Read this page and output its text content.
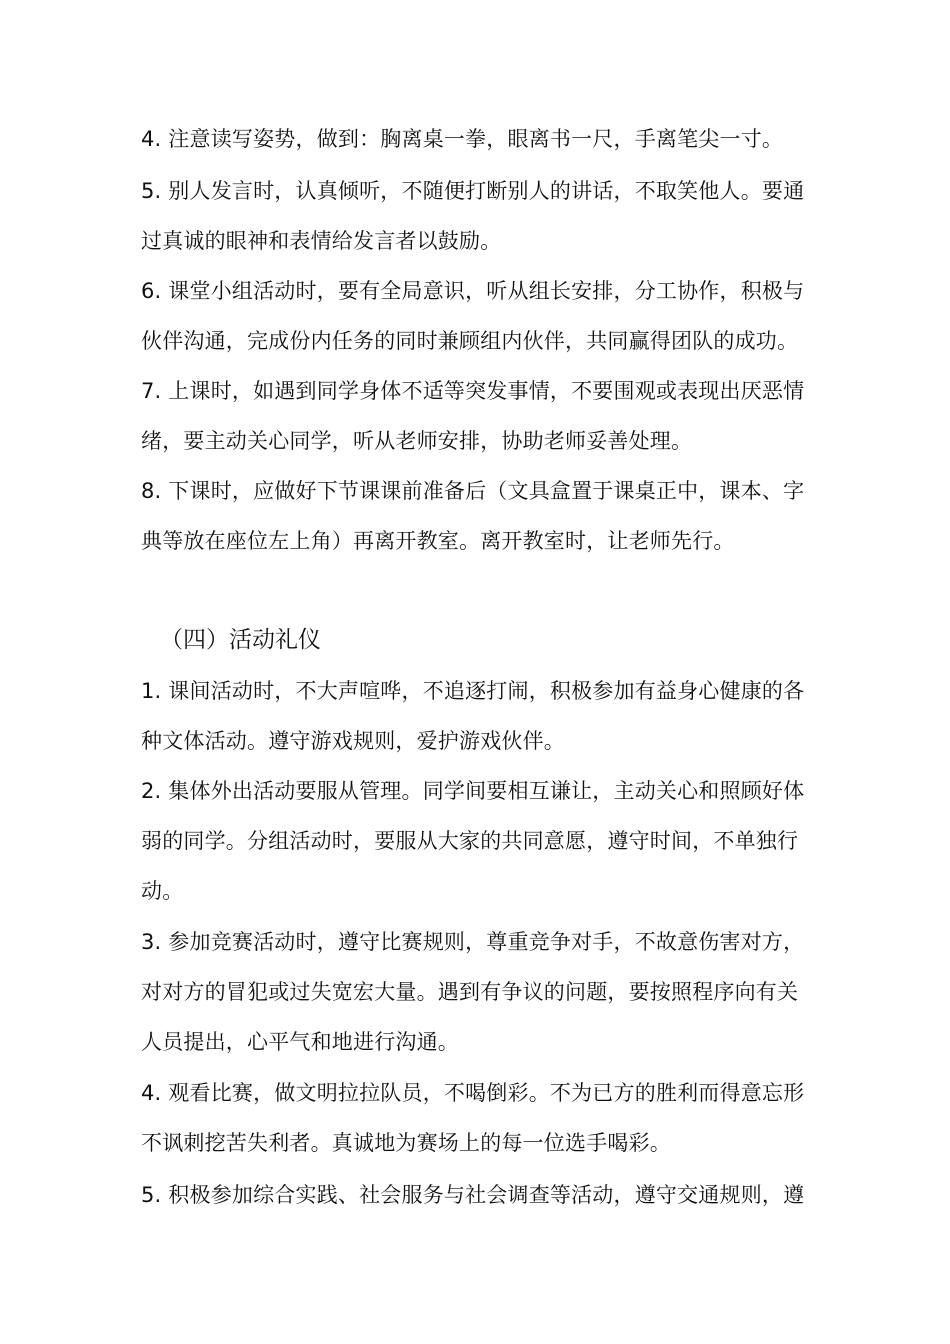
4. 注意读写姿势，做到：胸离桌一拳，眼离书一尺，手离笔尖一寸。
5. 别人发言时，认真倾听，不随便打断别人的讲话，不取笑他人。要通
过真诚的眼神和表情给发言者以鼓励。
6. 课堂小组活动时，要有全局意识，听从组长安排，分工协作，积极与
伙伴沟通，完成份内任务的同时兼顾组内伙伴，共同赢得团队的成功。
7. 上课时，如遇到同学身体不适等突发事情，不要围观或表现出厌恶情
绪，要主动关心同学，听从老师安排，协助老师妥善处理。
8. 下课时，应做好下节课课前准备后（文具盒置于课桌正中，课本、字
典等放在座位左上角）再离开教室。离开教室时，让老师先行。
（四）活动礼仪
1. 课间活动时，不大声喧哗，不追逐打闹，积极参加有益身心健康的各
种文体活动。遵守游戏规则，爱护游戏伙伴。
2. 集体外出活动要服从管理。同学间要相互谦让，主动关心和照顾好体
弱的同学。分组活动时，要服从大家的共同意愿，遵守时间，不单独行
动。
3. 参加竞赛活动时，遵守比赛规则，尊重竞争对手，不故意伤害对方，
对对方的冒犯或过失宽宏大量。遇到有争议的问题，要按照程序向有关
人员提出，心平气和地进行沟通。
4. 观看比赛，做文明拉拉队员，不喝倒彩。不为已方的胜利而得意忘形
不讽刺挖苦失利者。真诚地为赛场上的每一位选手喝彩。
5. 积极参加综合实践、社会服务与社会调查等活动，遵守交通规则，遵
